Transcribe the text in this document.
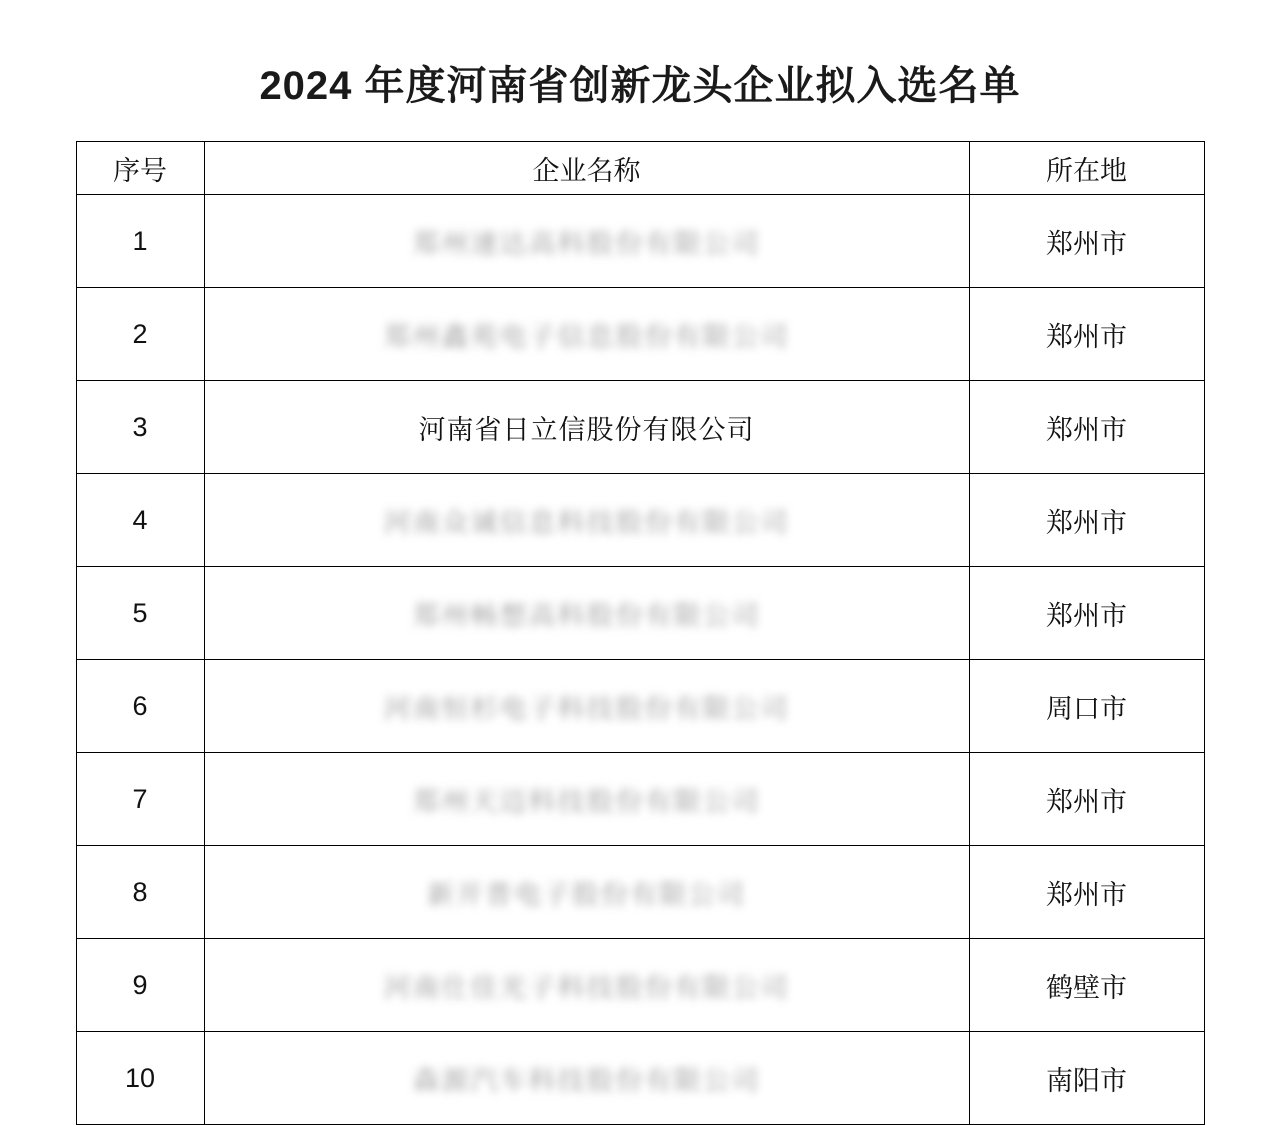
2024 年度河南省创新龙头企业拟入选名单
序号	企业名称	所在地
1	郑州速达高科股份有限公司	郑州市
2	郑州鑫苑电子信息股份有限公司	郑州市
3	河南省日立信股份有限公司	郑州市
4	河南众诚信息科技股份有限公司	郑州市
5	郑州畅想高科股份有限公司	郑州市
6	河南恒杉电子科技股份有限公司	周口市
7	郑州天迈科技股份有限公司	郑州市
8	新开普电子股份有限公司	郑州市
9	河南仕佳光子科技股份有限公司	鹤壁市
10	森源汽车科技股份有限公司	南阳市
